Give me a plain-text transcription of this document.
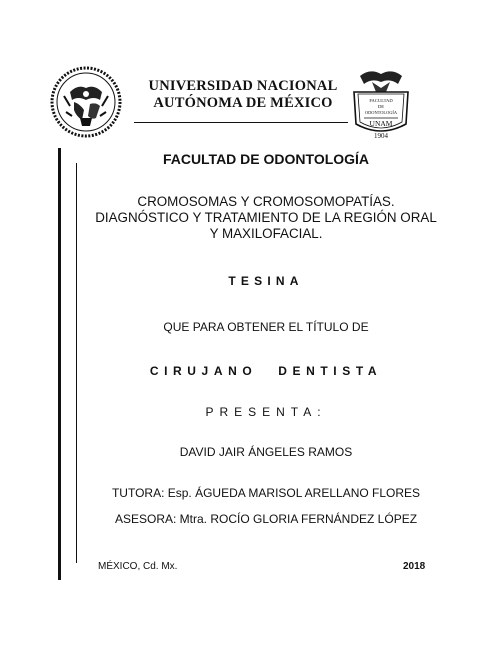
FACULTAD
DE
ODONTOLOGÍA
UNAM
1904
UNIVERSIDAD NACIONAL
AUTÓNOMA DE MÉXICO
FACULTAD DE ODONTOLOGÍA
CROMOSOMAS Y CROMOSOMOPATÍAS.
DIAGNÓSTICO Y TRATAMIENTO DE LA REGIÓN ORAL
Y MAXILOFACIAL.
TESINA
QUE PARA OBTENER EL TÍTULO DE
CIRUJANO DENTISTA
PRESENTA:
DAVID JAIR ÁNGELES RAMOS
TUTORA: Esp. ÁGUEDA MARISOL ARELLANO FLORES
ASESORA: Mtra. ROCÍO GLORIA FERNÁNDEZ LÓPEZ
MÉXICO, Cd. Mx.	2018
